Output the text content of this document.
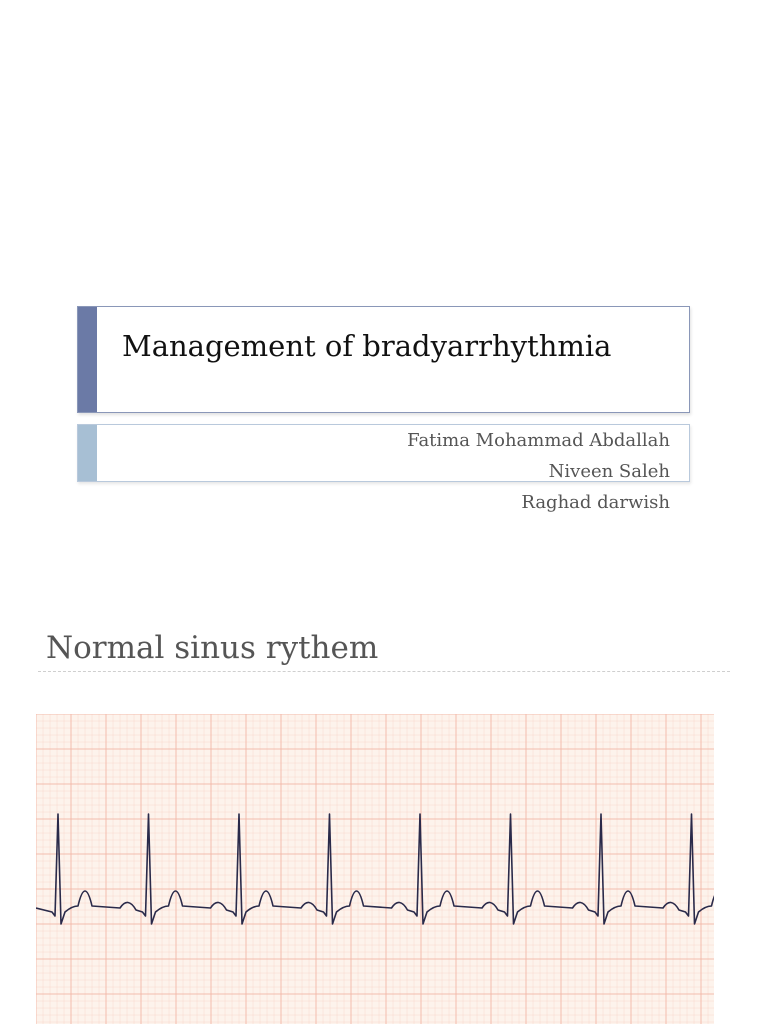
Management of bradyarrhythmia
Fatima Mohammad Abdallah
Niveen Saleh
Raghad darwish
Normal sinus rythem
